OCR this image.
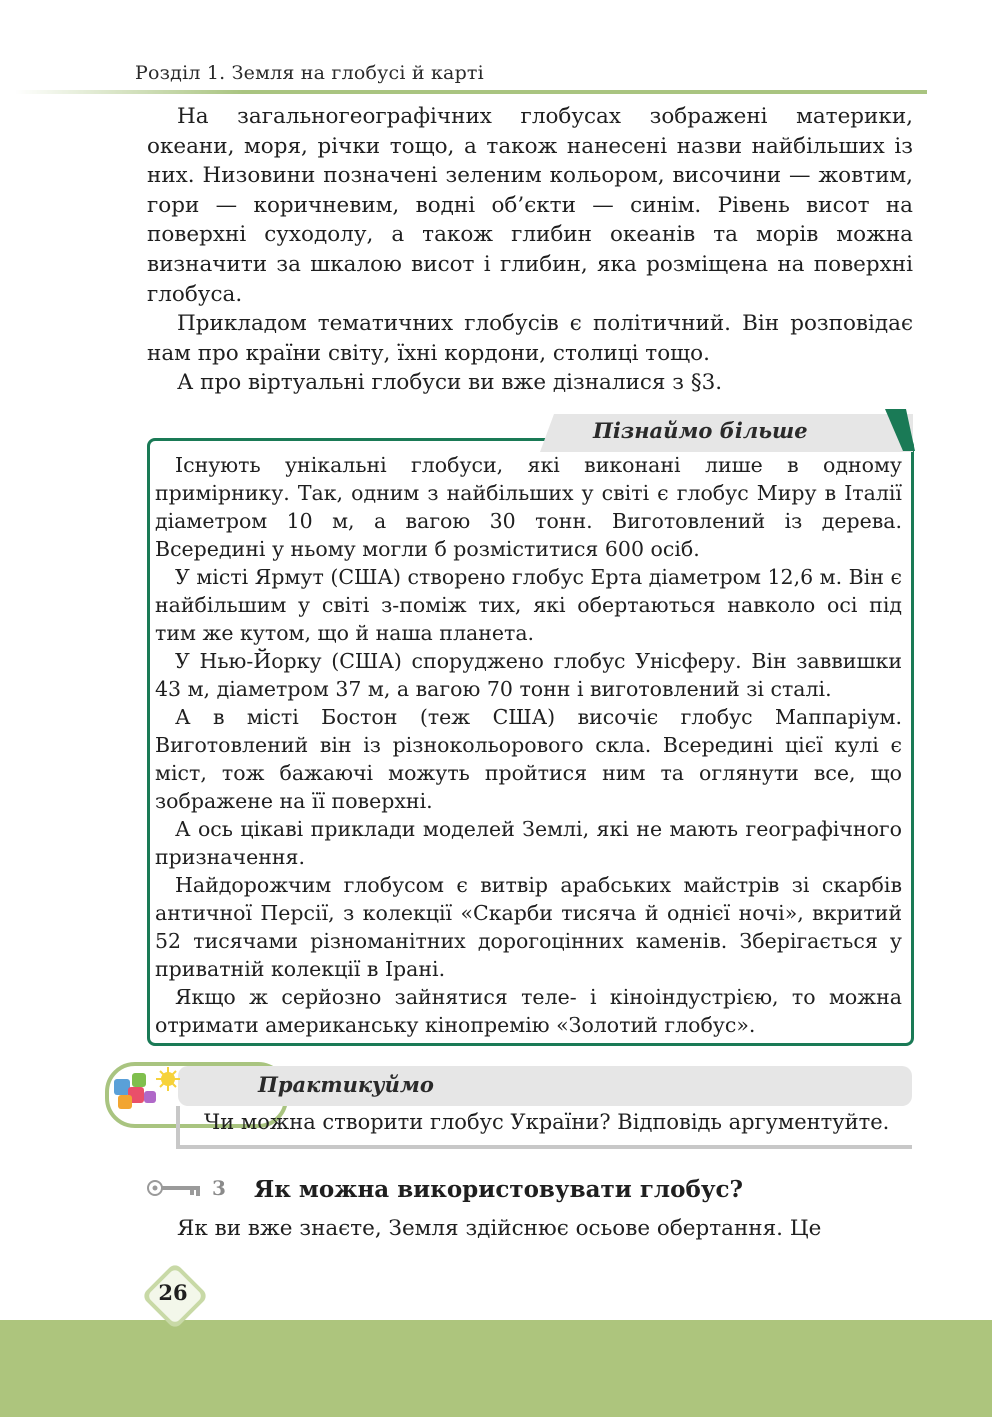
Розділ 1. Земля на глобусі й карті

На загальногеографічних глобусах зображені материки, океани, моря, річки тощо, а також нанесені назви найбільших із них. Низовини позначені зеленим кольором, височини — жовтим, гори — коричневим, водні об’єкти — синім. Рівень висот на поверхні суходолу, а також глибин океанів та морів можна визначити за шкалою висот і глибин, яка розміщена на поверхні глобуса.

Прикладом тематичних глобусів є політичний. Він розповідає нам про країни світу, їхні кордони, столиці тощо.

А про віртуальні глобуси ви вже дізналися з §3.

Пізнаймо більше

Існують унікальні глобуси, які виконані лише в одному примірнику. Так, одним з найбільших у світі є глобус Миру в Італії діаметром 10 м, а вагою 30 тонн. Виготовлений із дерева. Всередині у ньому могли б розміститися 600 осіб.

У місті Ярмут (США) створено глобус Ерта діаметром 12,6 м. Він є найбільшим у світі з-поміж тих, які обертаються навколо осі під тим же кутом, що й наша планета.

У Нью-Йорку (США) споруджено глобус Унісферу. Він заввишки 43 м, діаметром 37 м, а вагою 70 тонн і виготовлений зі сталі.

А в місті Бостон (теж США) височіє глобус Маппаріум. Виготовлений він із різнокольорового скла. Всередині цієї кулі є міст, тож бажаючі можуть пройтися ним та оглянути все, що зображене на її поверхні.

А ось цікаві приклади моделей Землі, які не мають географічного призначення.

Найдорожчим глобусом є витвір арабських майстрів зі скарбів античної Персії, з колекції «Скарби тисяча й однієї ночі», вкритий 52 тисячами різноманітних дорогоцінних каменів. Зберігається у приватній колекції в Ірані.

Якщо ж серйозно зайнятися теле- і кіноіндустрією, то можна отримати американську кінопремію «Золотий глобус».

Практикуймо
Чи можна створити глобус України? Відповідь аргументуйте.
3 Як можна використовувати глобус?

Як ви вже знаєте, Земля здійснює осьове обертання. Це

26
